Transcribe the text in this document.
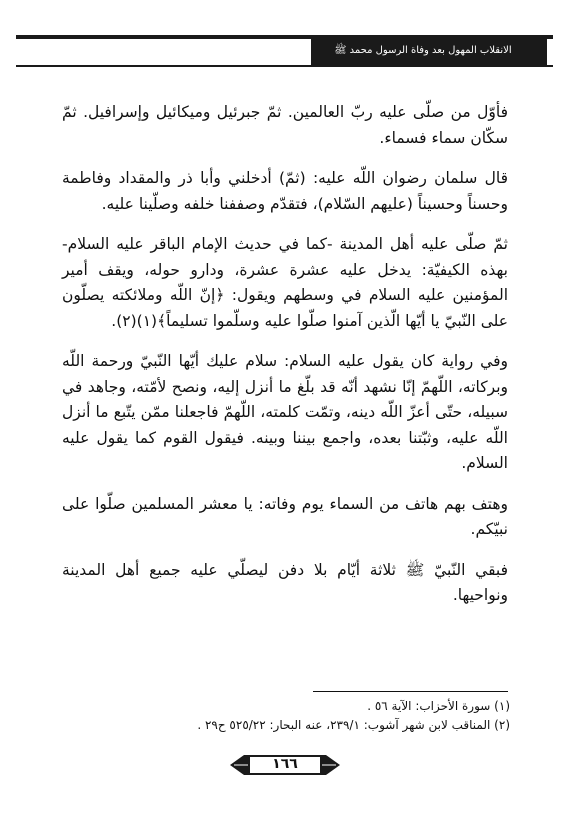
الانقلاب المهول بعد وفاة الرسول محمد ﷺ

فأوّل من صلّى عليه ربّ العالمين. ثمّ جبرئيل وميكائيل وإسرافيل. ثمّ سكّان سماء فسماء.

قال سلمان رضوان اللّه عليه: (ثمّ) أدخلني وأبا ذر والمقداد وفاطمة وحسناً وحسيناً (عليهم السّلام)، فتقدّم وصففنا خلفه وصلّينا عليه.

ثمّ صلّى عليه أهل المدينة -كما في حديث الإمام الباقر عليه السلام- بهذه الكيفيّة: يدخل عليه عشرة عشرة، ودارو حوله، ويقف أمير المؤمنين عليه السلام في وسطهم ويقول: ﴿إنّ اللّه وملائكته يصلّون على النّبيّ يا أيّها الّذين آمنوا صلّوا عليه وسلّموا تسليماً﴾(١)(٢).

وفي رواية كان يقول عليه السلام: سلام عليك أيّها النّبيّ ورحمة اللّه وبركاته، اللّهمّ إنّا نشهد أنّه قد بلّغ ما أنزل إليه، ونصح لأمّته، وجاهد في سبيله، حتّى أعزّ اللّه دينه، وتمّت كلمته، اللّهمّ فاجعلنا ممّن يتّبع ما أنزل اللّه عليه، وثبّتنا بعده، واجمع بيننا وبينه. فيقول القوم كما يقول عليه السلام.

وهتف بهم هاتف من السماء يوم وفاته: يا معشر المسلمين صلّوا على نبيّكم.

فبقي النّبيّ ﷺ ثلاثة أيّام بلا دفن ليصلّي عليه جميع أهل المدينة ونواحيها.

(١) سورة الأحزاب: الآية ٥٦ .

(٢) المناقب لابن شهر آشوب: ٢٣٩/١، عنه البحار: ٥٢٥/٢٢ ح٢٩ .

١٦٦
